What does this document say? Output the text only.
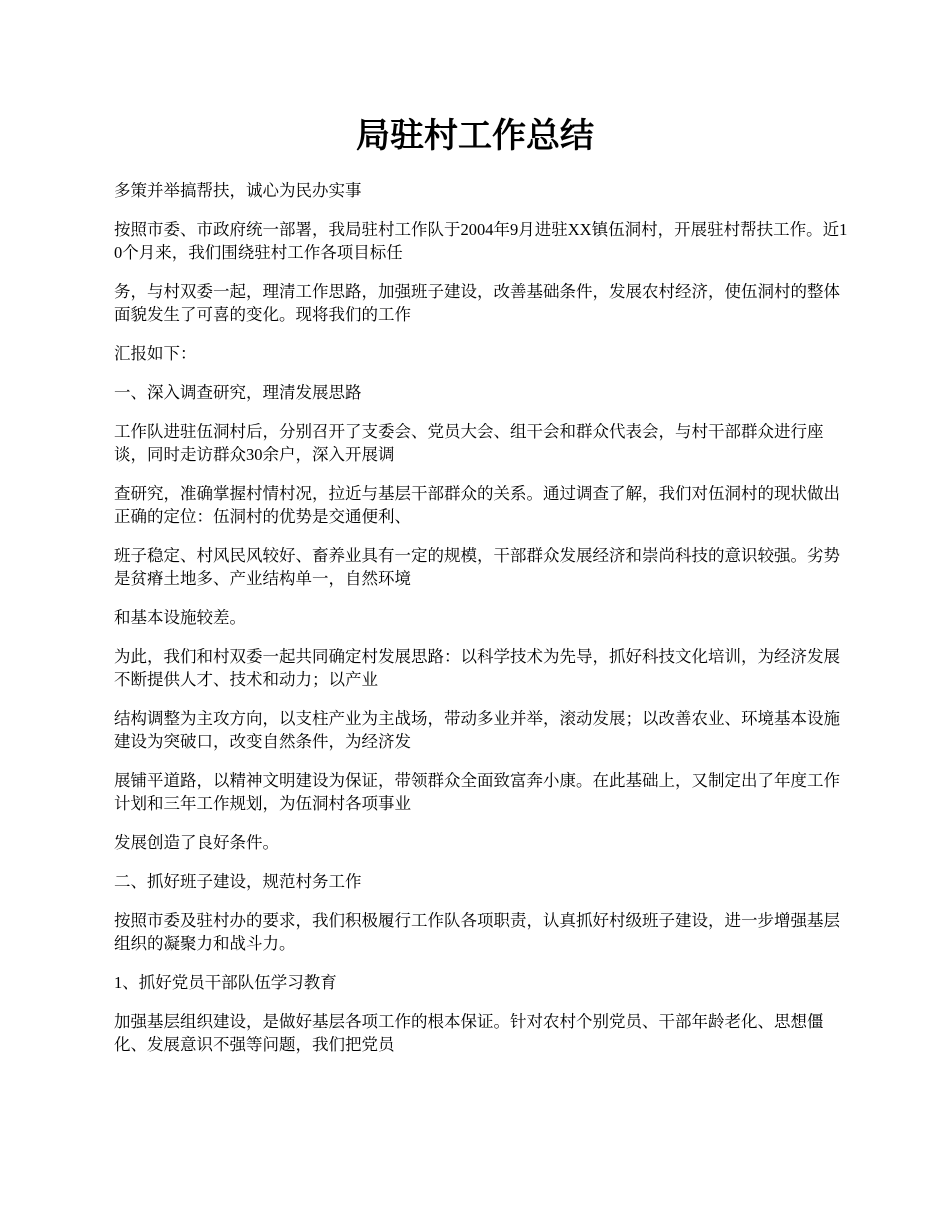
局驻村工作总结

多策并举搞帮扶，诚心为民办实事

按照市委、市政府统一部署，我局驻村工作队于2004年9月进驻XX镇伍洞村，开展驻村帮扶工作。近10个月来，我们围绕驻村工作各项目标任

务，与村双委一起，理清工作思路，加强班子建设，改善基础条件，发展农村经济，使伍洞村的整体面貌发生了可喜的变化。现将我们的工作

汇报如下：

一、深入调查研究，理清发展思路

工作队进驻伍洞村后，分别召开了支委会、党员大会、组干会和群众代表会，与村干部群众进行座谈，同时走访群众30余户，深入开展调

查研究，准确掌握村情村况，拉近与基层干部群众的关系。通过调查了解，我们对伍洞村的现状做出正确的定位：伍洞村的优势是交通便利、

班子稳定、村风民风较好、畜养业具有一定的规模，干部群众发展经济和崇尚科技的意识较强。劣势是贫瘠土地多、产业结构单一，自然环境

和基本设施较差。

为此，我们和村双委一起共同确定村发展思路：以科学技术为先导，抓好科技文化培训，为经济发展不断提供人才、技术和动力；以产业

结构调整为主攻方向，以支柱产业为主战场，带动多业并举，滚动发展；以改善农业、环境基本设施建设为突破口，改变自然条件，为经济发

展铺平道路，以精神文明建设为保证，带领群众全面致富奔小康。在此基础上，又制定出了年度工作计划和三年工作规划，为伍洞村各项事业

发展创造了良好条件。

二、抓好班子建设，规范村务工作

按照市委及驻村办的要求，我们积极履行工作队各项职责，认真抓好村级班子建设，进一步增强基层组织的凝聚力和战斗力。

1、抓好党员干部队伍学习教育

加强基层组织建设，是做好基层各项工作的根本保证。针对农村个别党员、干部年龄老化、思想僵化、发展意识不强等问题，我们把党员
